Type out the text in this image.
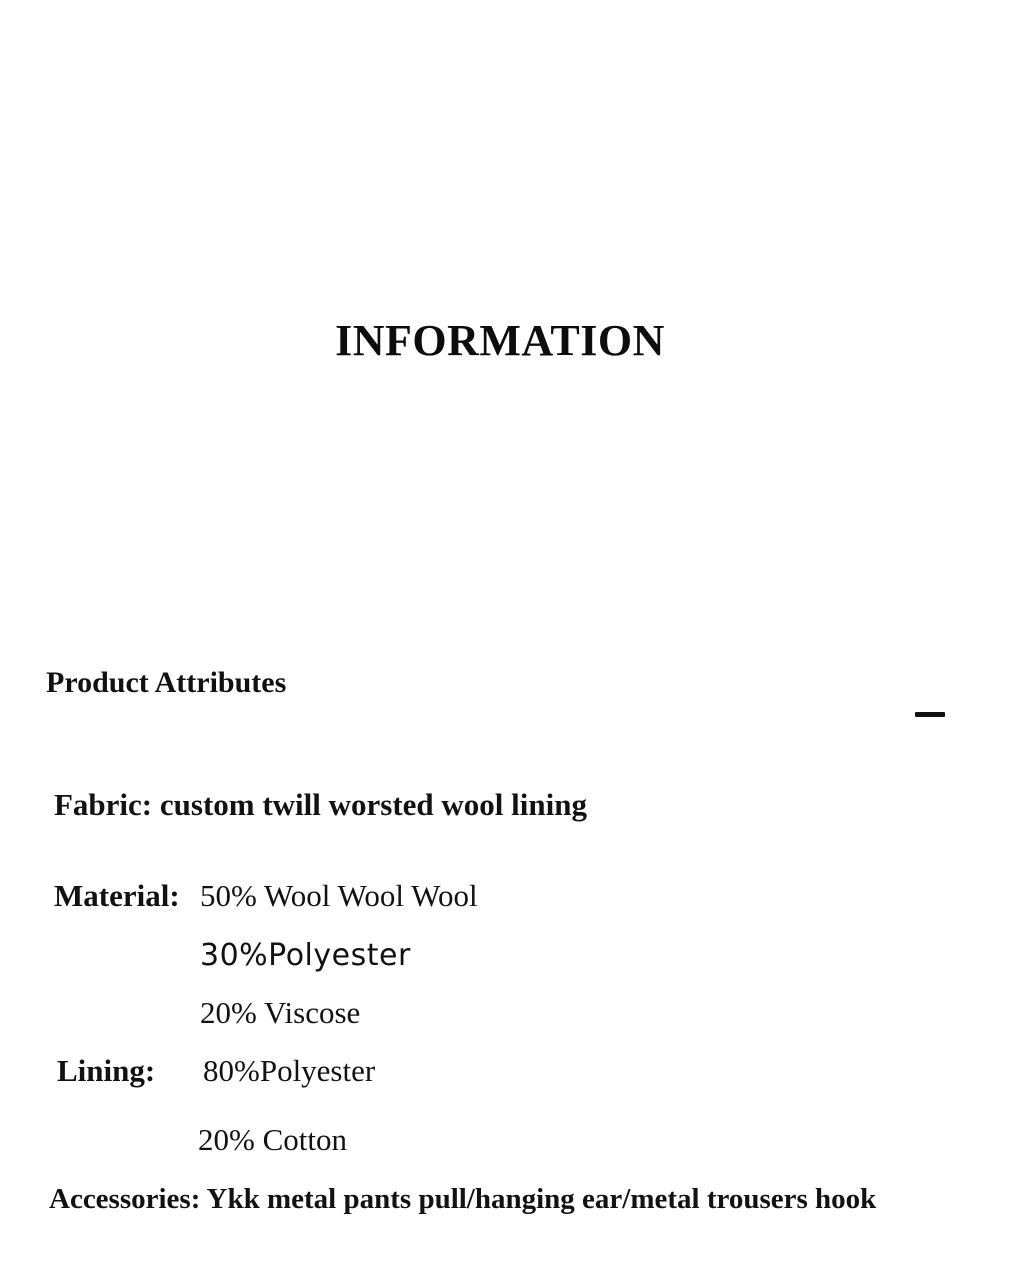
INFORMATION
Product Attributes
Fabric: custom twill worsted wool lining
Material: 50% Wool Wool Wool
30%Polyester
20% Viscose
Lining: 80%Polyester
20% Cotton
Accessories: Ykk metal pants pull/hanging ear/metal trousers hook
